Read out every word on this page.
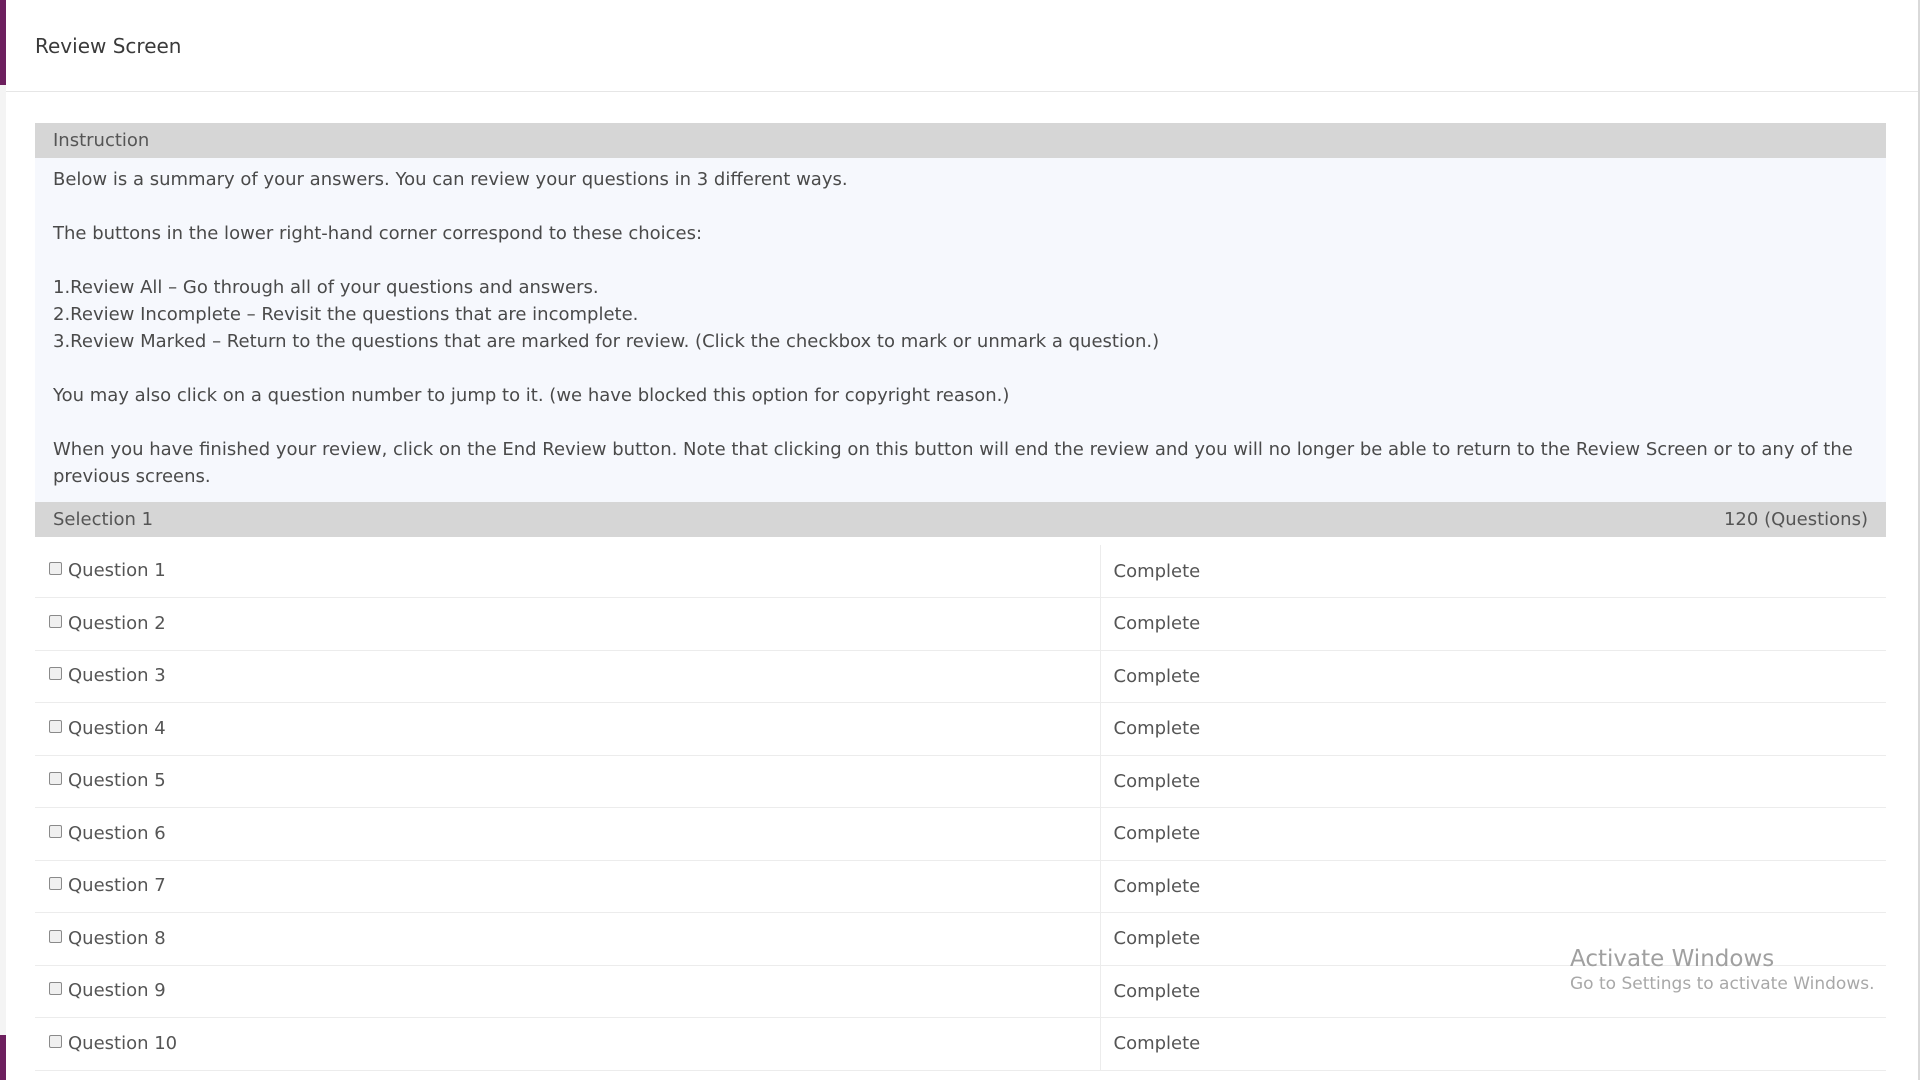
Review Screen
Instruction

Below is a summary of your answers. You can review your questions in 3 different ways.

The buttons in the lower right-hand corner correspond to these choices:

1.Review All – Go through all of your questions and answers.

2.Review Incomplete – Revisit the questions that are incomplete.

3.Review Marked – Return to the questions that are marked for review. (Click the checkbox to mark or unmark a question.)

You may also click on a question number to jump to it. (we have blocked this option for copyright reason.)

When you have finished your review, click on the End Review button. Note that clicking on this button will end the review and you will no longer be able to return to the Review Screen or to any of the previous screens.

Selection 1	120 (Questions)
Question 1	Complete

Question 2	Complete

Question 3	Complete

Question 4	Complete

Question 5	Complete

Question 6	Complete

Question 7	Complete

Question 8	Complete

Question 9	Complete

Question 10	Complete
Activate Windows
Go to Settings to activate Windows.
